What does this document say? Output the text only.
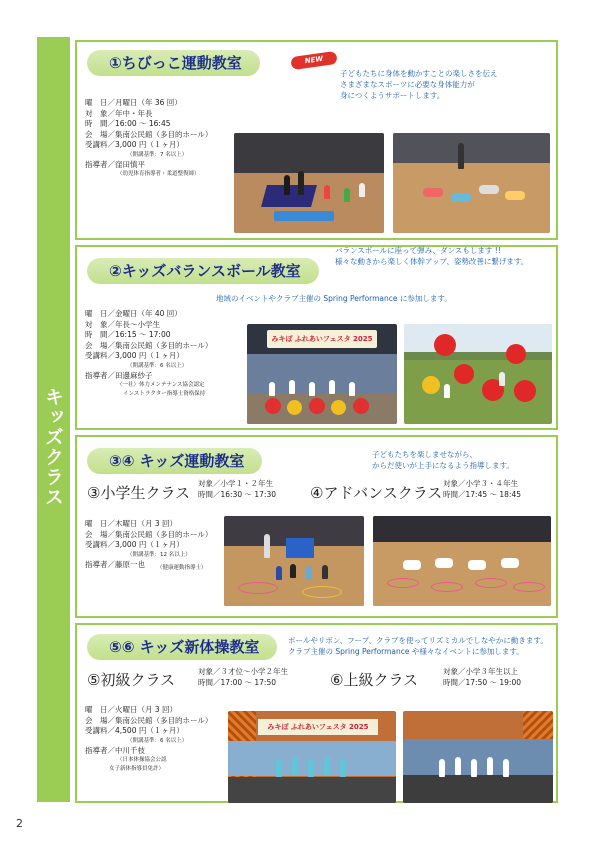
キッズクラス
①ちびっこ運動教室	NEW
子どもたちに身体を動かすことの楽しさを伝え
さまざまなスポーツに必要な身体能力が
身につくようサポートします。
曜　日／月曜日（年 36 回）
対　象／年中・年長
時　間／16:00 ～ 16:45
会　場／集南公民館（多目的ホール）
受講料／3,000 円（１ヶ月）
（開講基準：7 名以上）
指導者／窪田慎平
（幼児体育指導者・柔道整復師）
②キッズバランスボール教室
バランスボールに座って弾み、ダンスもします !!
様々な動きから楽しく体幹アップ、姿勢改善に繋げます。
地域のイベントやクラブ主催の Spring Performance に参加します。
曜　日／金曜日（年 40 回）
対　象／年長～小学生
時　間／16:15 ～ 17:00
会　場／集南公民館（多目的ホール）
受講料／3,000 円（１ヶ月）
（開講基準：6 名以上）
指導者／田邊麻紗子
（一社）体力メンテナンス協会認定
インストラクター指導士資格保持
みキぽ ふれあいフェスタ 2025
③④ キッズ運動教室	子どもたちを楽しませながら、
からだ使いが上手になるよう指導します。
③小学生クラス
対象／小学１・２年生
時間／16:30 ～ 17:30 ④アドバンスクラス
対象／小学３・４年生
時間／17:45 ～ 18:45
曜　日／木曜日（月 3 回）
会　場／集南公民館（多目的ホール）
受講料／3,000 円（１ヶ月）
（開講基準：12 名以上）
指導者／藤原一也	（健康運動指導士）
⑤⑥ キッズ新体操教室	ボールやリボン、フープ、クラブを使ってリズミカルでしなやかに動きます。
クラブ主催の Spring Performance や様々なイベントに参加します。
⑤初級クラス	対象／３才位～小学２年生
時間／17:00 ～ 17:50	⑥上級クラス	対象／小学３年生以上
時間／17:50 ～ 19:00
曜　日／火曜日（月 3 回）
会　場／集南公民館（多目的ホール）
受講料／4,500 円（１ヶ月）
（開講基準：6 名以上）
指導者／中川千枝
（日本体操協会公認
女子新体指導員免許）
みキぽ ふれあいフェスタ 2025
2
